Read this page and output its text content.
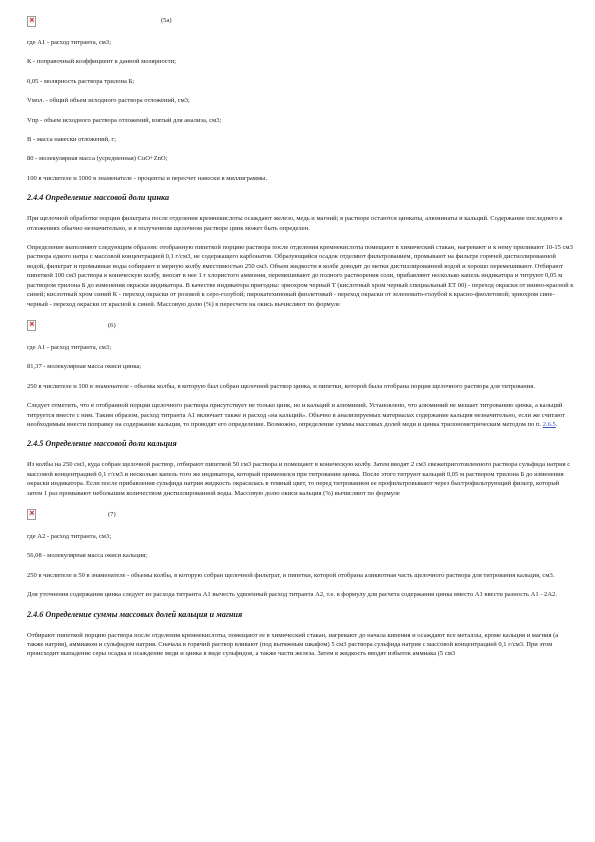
×
(5а)

где А1 - расход титранта, см3;

К - поправочный коэффициент к данной молярности;

0,05 - молярность раствора трилона Б;

Vмол. - общий объем исходного раствора отложений, см3;

Vпр - объем исходного раствора отложений, взятый для анализа, см3;

В - масса навески отложений, г;

80 - молекулярная масса (усредненная) CuO+ZnO;

100 в числителе и 1000 в знаменателе - проценты и пересчет навески в миллиграммы.

2.4.4 Определение массовой доли цинка

При щелочной обработке порции фильтрата после отделения кремнекислоты осаждают железо, медь и магний; в растворе остаются цинкаты, алюминаты и кальций. Содержание последнего в отложениях обычно незначительно, и в полученном щелочном растворе цинк может быть определен.

Определение выполняют следующим образом: отобранную пипеткой порцию раствора после отделения кремнекислоты помещают в химический стакан, нагревают и к нему приливают 10-15 см3 раствора едкого натра с массовой концентрацией 0,1 г/см3, не содержащего карбонатов. Образующийся осадок отделяют фильтрованием, промывают на фильтре горячей дистиллированной водой, фильтрат и промывные воды собирают в мерную колбу вместимостью 250 см3. Объем жидкости в колбе доводят до метки дистиллированной водой и хорошо перемешивают. Отбирают пипеткой 100 см3 раствора в коническую колбу, вносят в нее 1 г хлористого аммония, перемешивают до полного растворения соли, прибавляют несколько капель индикатора и титруют 0,05 м раствором трилона Б до изменения окраски индикатора. В качестве индикатора пригодны: эриохром черный Т (кислотный хром черный специальный ЕТ 00) - переход окраски от винно-красной к синей; кислотный хром синий К - переход окраски от розовой к серо-голубой; пирокатехиновый фиолетовый - переход окраски от зеленовато-голубой к красно-фиолетовой; эриохром сине-черный - переход окраски от красной к синей. Массовую долю (%) в пересчете на окись вычисляют по формуле

×
(6)

где А1 - расход титранта, см3;

81,37 - молекулярная масса окиси цинка;

250 в числителе и 100 в знаменателе - объемы колбы, в которую был собран щелочной раствор цинка, и пипетки, которой была отобрана порция щелочного раствора для титрования.

Следует отметить, что в отобранной порции щелочного раствора присутствует не только цинк, но и кальций и алюминий. Установлено, что алюминий не мешает титрованию цинка, а кальций титруется вместе с ним. Таким образом, расход титранта А1 включает также и расход «на кальций». Обычно в анализируемых материалах содержание кальция незначительно, если же считают необходимым внести поправку на содержание кальция, то проводят его определение. Возможно, определение суммы массовых долей меди и цинка трилонометрическим методом по п. 2.6.5.

2.4.5 Определение массовой доли кальция

Из колбы на 250 см3, куда собран щелочной раствор, отбирают пипеткой 50 см3 раствора и помещают в коническую колбу. Затем вводят 2 см3 свежеприготовленного раствора сульфида натрия с массовой концентрацией 0,1 г/см3 и несколько капель того же индикатора, который применялся при титровании цинка. После этого титруют кальций 0,05 м раствором трилона Б до изменения окраски индикатора. Если после прибавления сульфида натрия жидкость окрасилась в темный цвет, то перед титрованием ее профильтровывают через быстрофильтрующий фильтр, который затем 1 раз промывают небольшим количеством дистиллированной воды. Массовую долю окиси кальция (%) вычисляют по формуле

×
(7)

где А2 - расход титранта, см3;

56,08 - молекулярная масса окиси кальция;

250 в числителе и 50 в знаменателе - объемы колбы, в которую собран щелочной фильтрат, и пипетки, которой отобрана аликвотная часть щелочного раствора для титрования кальция, см3.

Для уточнения содержания цинка следует из расхода титранта А1 вычесть удвоенный расход титранта А2, т.е. в формулу для расчета содержания цинка вместо А1 ввести разность А1 - 2А2.

2.4.6 Определение суммы массовых долей кальция и магния

Отбирают пипеткой порцию раствора после отделения кремнекислоты, помещают ее в химический стакан, нагревают до начала кипения и осаждают все металлы, кроме кальция и магния (а также натрия), аммиаком и сульфидом натрия. Сначала в горячий раствор вливают (под вытяжным шкафом) 5 см3 раствора сульфида натрия с массовой концентрацией 0,1 г/см3. При этом происходит выпадение серы осадка и осаждение меди и цинка в виде сульфидов, а также части железа. Затем в жидкость вводят избыток аммиака (5 см3
